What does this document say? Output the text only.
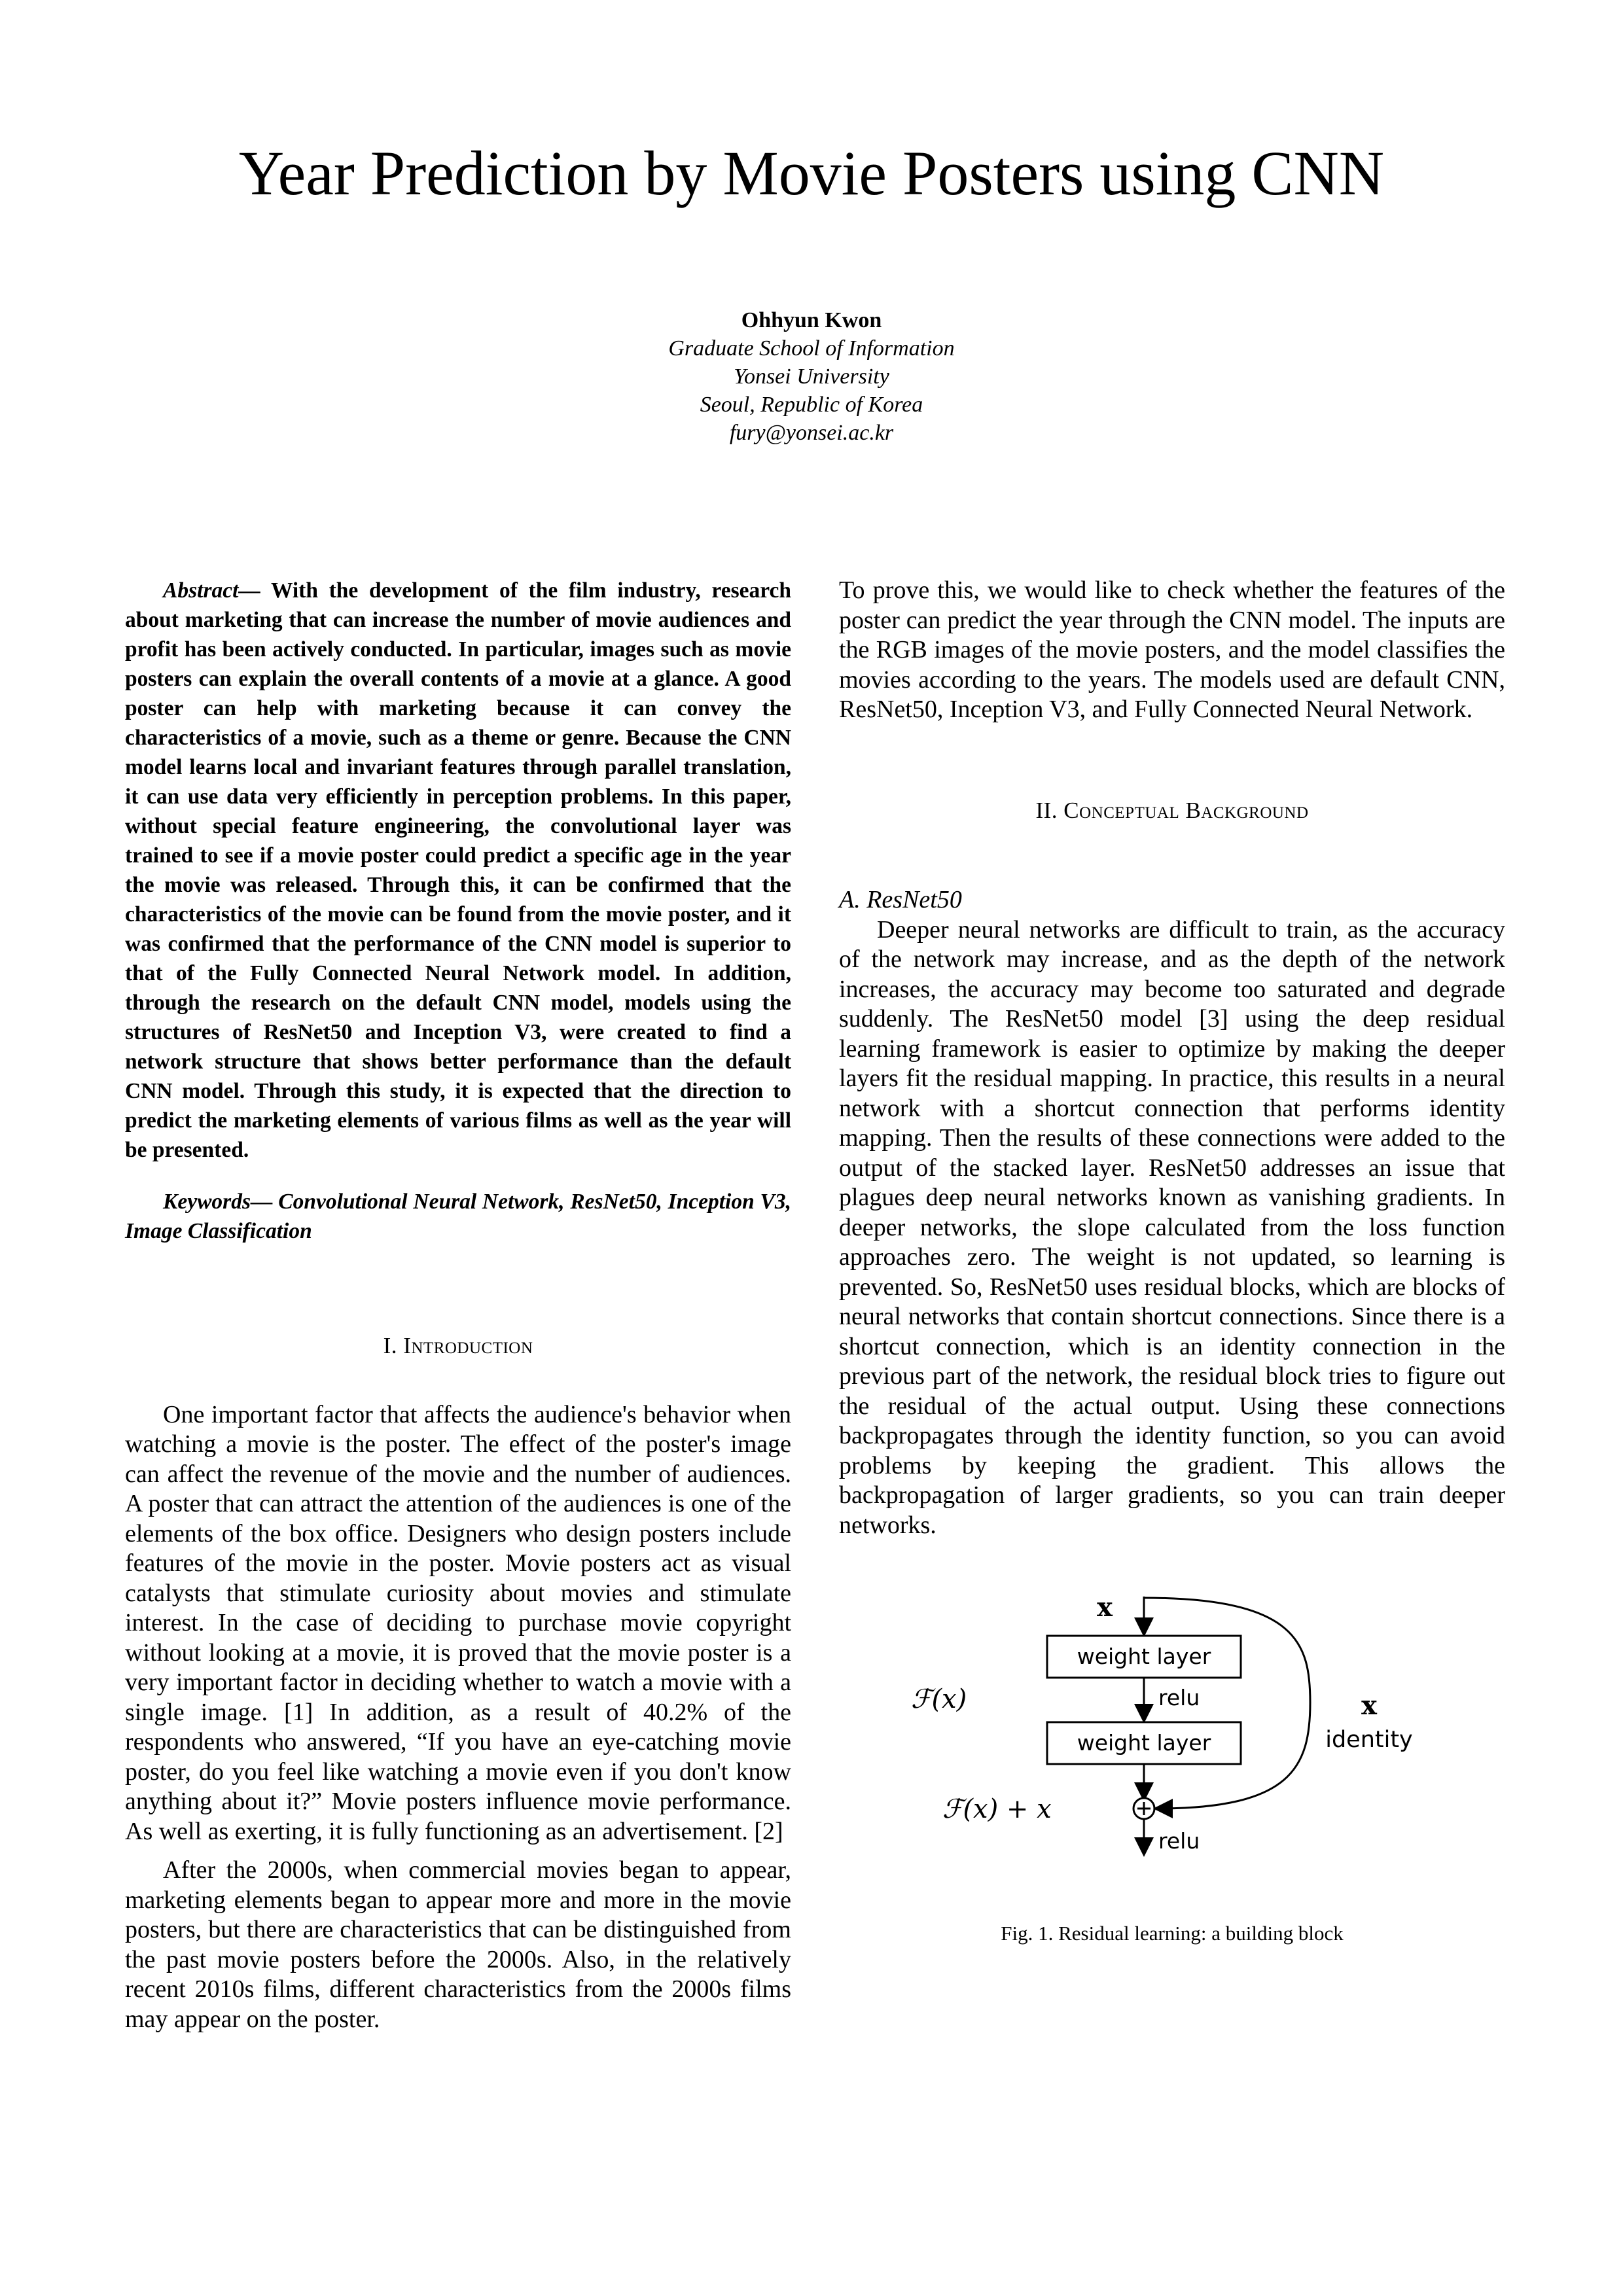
Year Prediction by Movie Posters using CNN
Ohhyun Kwon
Graduate School of Information
Yonsei University
Seoul, Republic of Korea
fury@yonsei.ac.kr

Abstract— With the development of the film industry, research about marketing that can increase the number of movie audiences and profit has been actively conducted. In particular, images such as movie posters can explain the overall contents of a movie at a glance. A good poster can help with marketing because it can convey the characteristics of a movie, such as a theme or genre. Because the CNN model learns local and invariant features through parallel translation, it can use data very efficiently in perception problems. In this paper, without special feature engineering, the convolutional layer was trained to see if a movie poster could predict a specific age in the year the movie was released. Through this, it can be confirmed that the characteristics of the movie can be found from the movie poster, and it was confirmed that the performance of the CNN model is superior to that of the Fully Connected Neural Network model. In addition, through the research on the default CNN model, models using the structures of ResNet50 and Inception V3, were created to find a network structure that shows better performance than the default CNN model. Through this study, it is expected that the direction to predict the marketing elements of various films as well as the year will be presented.

Keywords— Convolutional Neural Network, ResNet50, Inception V3, Image Classification

I. Introduction

One important factor that affects the audience's behavior when watching a movie is the poster. The effect of the poster's image can affect the revenue of the movie and the number of audiences. A poster that can attract the attention of the audiences is one of the elements of the box office. Designers who design posters include features of the movie in the poster. Movie posters act as visual catalysts that stimulate curiosity about movies and stimulate interest. In the case of deciding to purchase movie copyright without looking at a movie, it is proved that the movie poster is a very important factor in deciding whether to watch a movie with a single image. [1] In addition, as a result of 40.2% of the respondents who answered, “If you have an eye-catching movie poster, do you feel like watching a movie even if you don't know anything about it?” Movie posters influence movie performance. As well as exerting, it is fully functioning as an advertisement. [2]

After the 2000s, when commercial movies began to appear, marketing elements began to appear more and more in the movie posters, but there are characteristics that can be distinguished from the past movie posters before the 2000s. Also, in the relatively recent 2010s films, different characteristics from the 2000s films may appear on the poster.

To prove this, we would like to check whether the features of the poster can predict the year through the CNN model. The inputs are the RGB images of the movie posters, and the model classifies the movies according to the years. The models used are default CNN, ResNet50, Inception V3, and Fully Connected Neural Network.

II. Conceptual Background

A. ResNet50

Deeper neural networks are difficult to train, as the accuracy of the network may increase, and as the depth of the network increases, the accuracy may become too saturated and degrade suddenly. The ResNet50 model [3] using the deep residual learning framework is easier to optimize by making the deeper layers fit the residual mapping. In practice, this results in a neural network with a shortcut connection that performs identity mapping. Then the results of these connections were added to the output of the stacked layer. ResNet50 addresses an issue that plagues deep neural networks known as vanishing gradients. In deeper networks, the slope calculated from the loss function approaches zero. The weight is not updated, so learning is prevented. So, ResNet50 uses residual blocks, which are blocks of neural networks that contain shortcut connections. Since there is a shortcut connection, which is an identity connection in the previous part of the network, the residual block tries to figure out the residual of the actual output. Using these connections backpropagates through the identity function, so you can avoid problems by keeping the gradient. This allows the backpropagation of larger gradients, so you can train deeper networks.

x
weight layer
relu
weight layer
relu
ℱ(x)
ℱ(x) + x
x
identity

Fig. 1. Residual learning: a building block
